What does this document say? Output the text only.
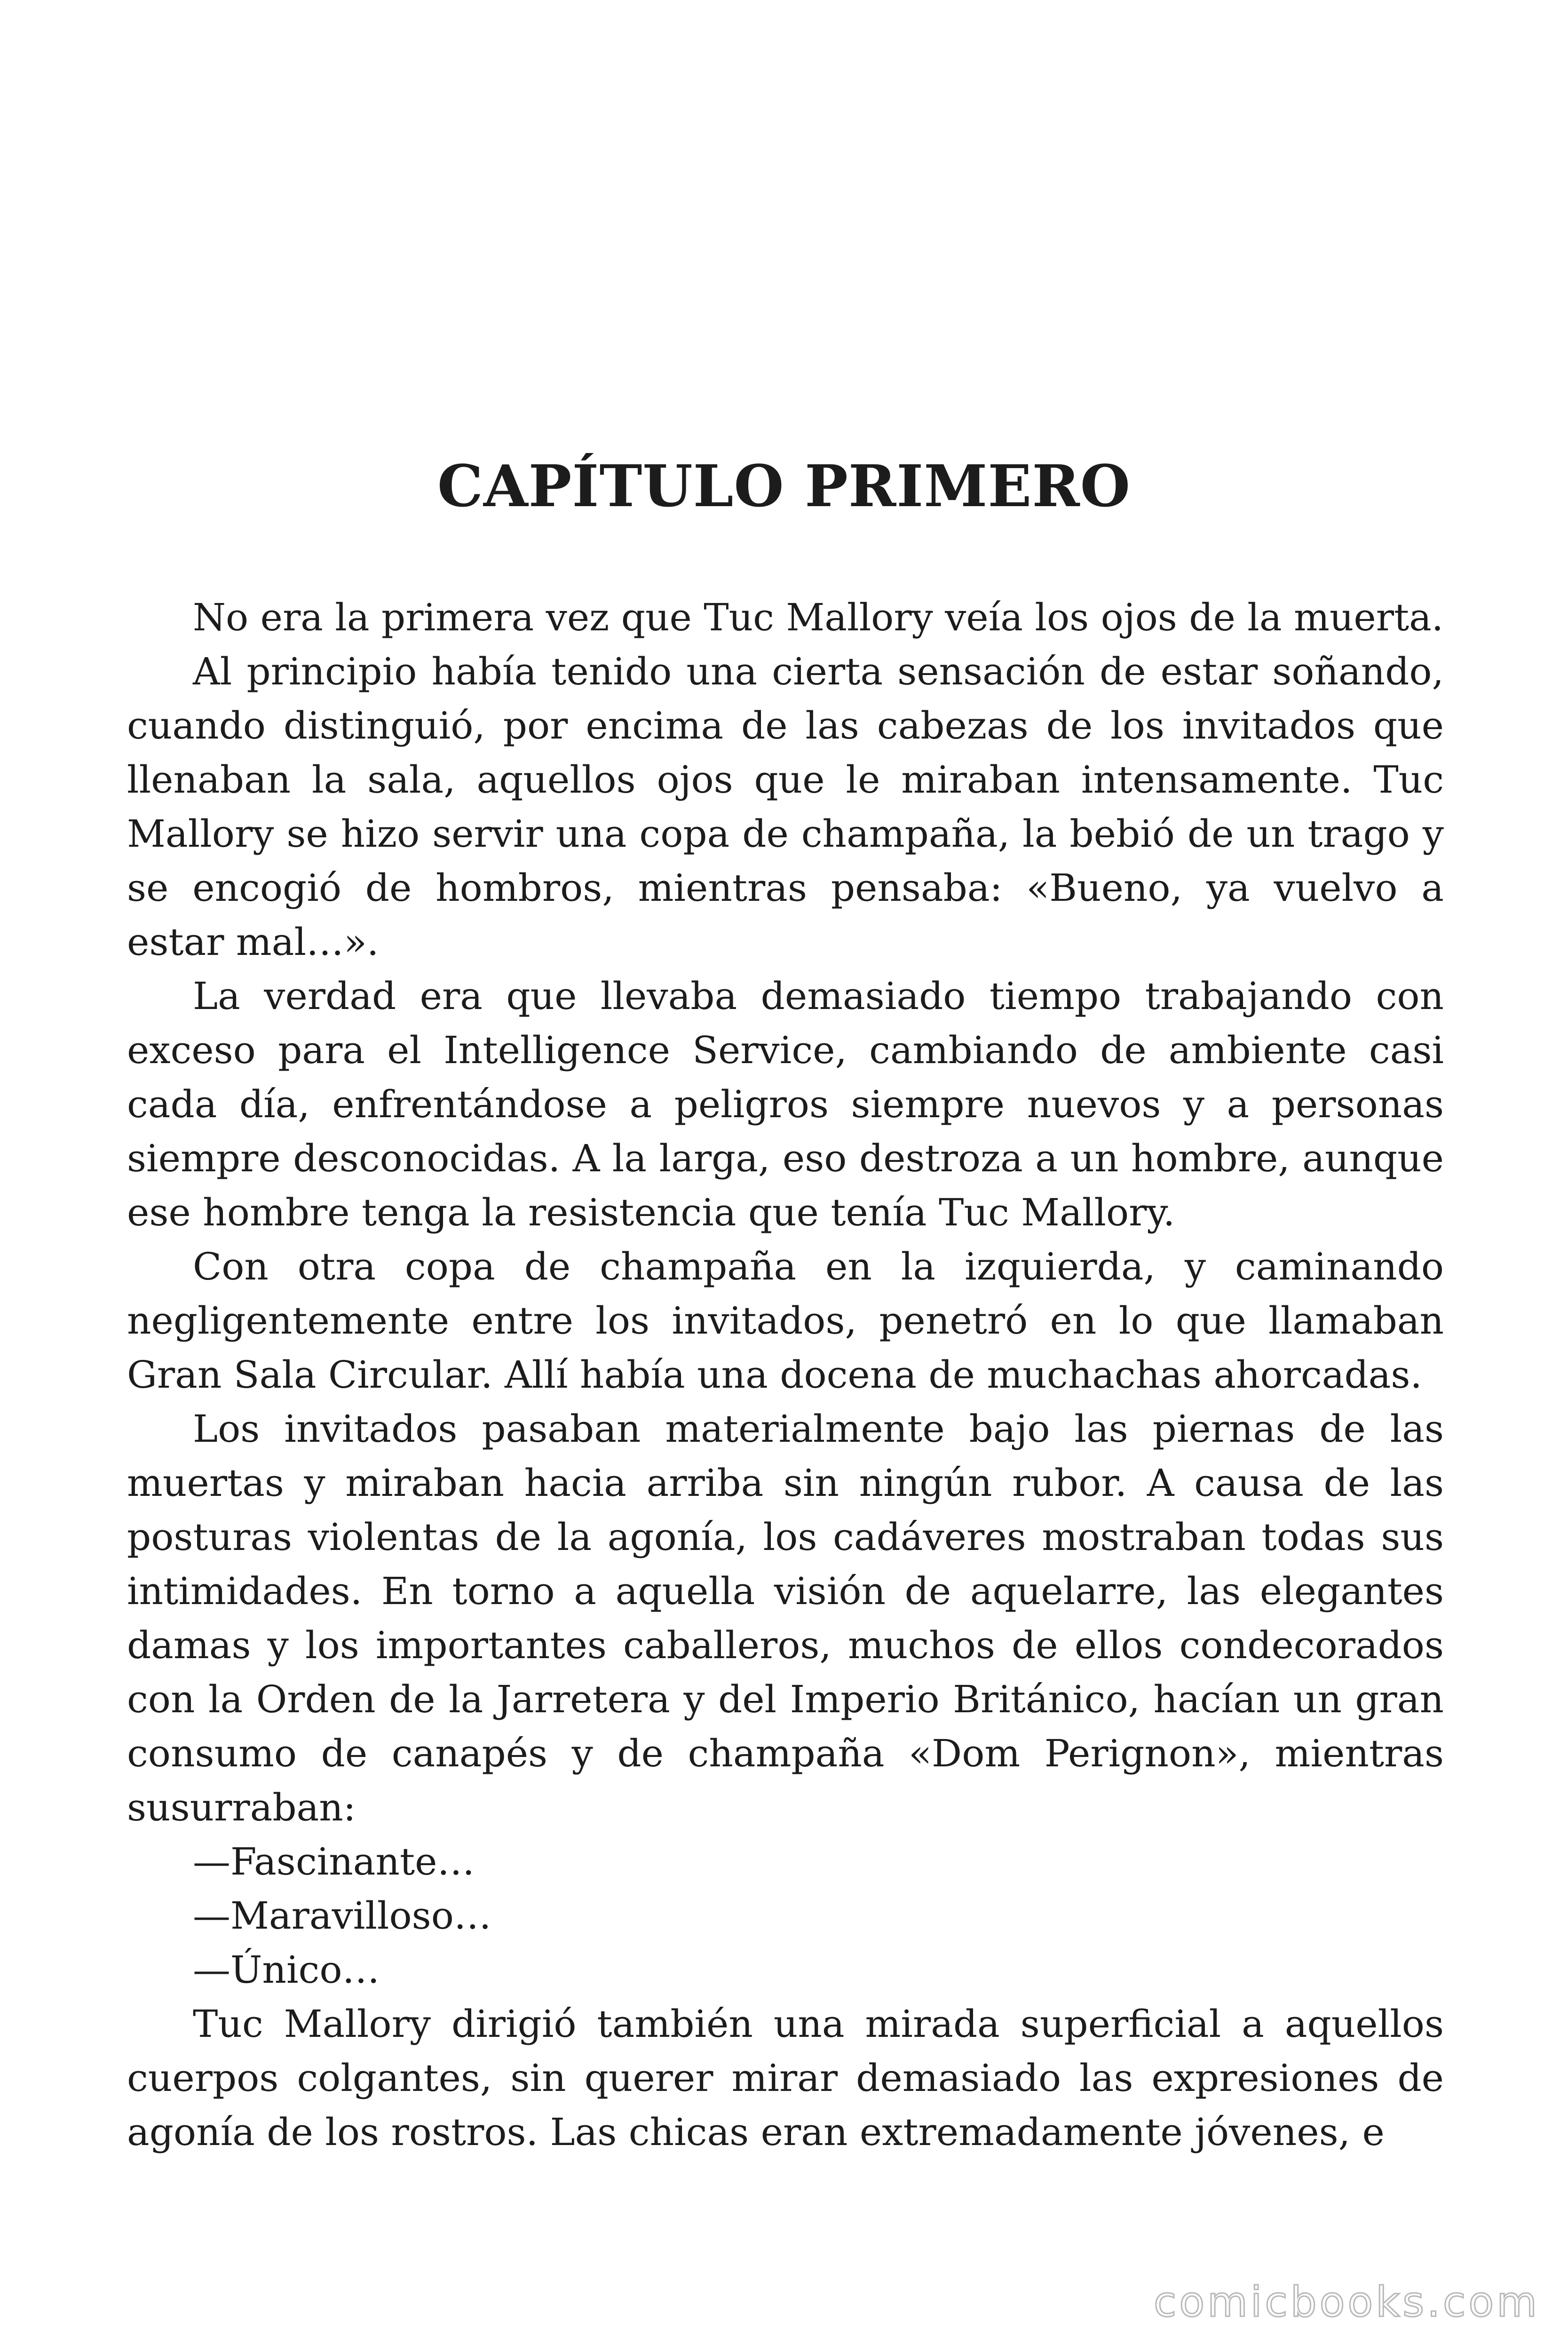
CAPÍTULO PRIMERO

No era la primera vez que Tuc Mallory veía los ojos de la muerta.

Al principio había tenido una cierta sensación de estar soñando, cuando distinguió, por encima de las cabezas de los invitados que llenaban la sala, aquellos ojos que le miraban intensamente. Tuc Mallory se hizo servir una copa de champaña, la bebió de un trago y se encogió de hombros, mientras pensaba: «Bueno, ya vuelvo a estar mal…».

La verdad era que llevaba demasiado tiempo trabajando con exceso para el Intelligence Service, cambiando de ambiente casi cada día, enfrentándose a peligros siempre nuevos y a personas siempre desconocidas. A la larga, eso destroza a un hombre, aunque ese hombre tenga la resistencia que tenía Tuc Mallory.

Con otra copa de champaña en la izquierda, y caminando negligentemente entre los invitados, penetró en lo que llamaban Gran Sala Circular. Allí había una docena de muchachas ahorcadas.

Los invitados pasaban materialmente bajo las piernas de las muertas y miraban hacia arriba sin ningún rubor. A causa de las posturas violentas de la agonía, los cadáveres mostraban todas sus intimidades. En torno a aquella visión de aquelarre, las elegantes damas y los importantes caballeros, muchos de ellos condecorados con la Orden de la Jarretera y del Imperio Británico, hacían un gran consumo de canapés y de champaña «Dom Perignon», mientras susurraban:

—Fascinante…

—Maravilloso…

—Único…

Tuc Mallory dirigió también una mirada superficial a aquellos cuerpos colgantes, sin querer mirar demasiado las expresiones de agonía de los rostros. Las chicas eran extremadamente jóvenes, e

comicbooks.com
